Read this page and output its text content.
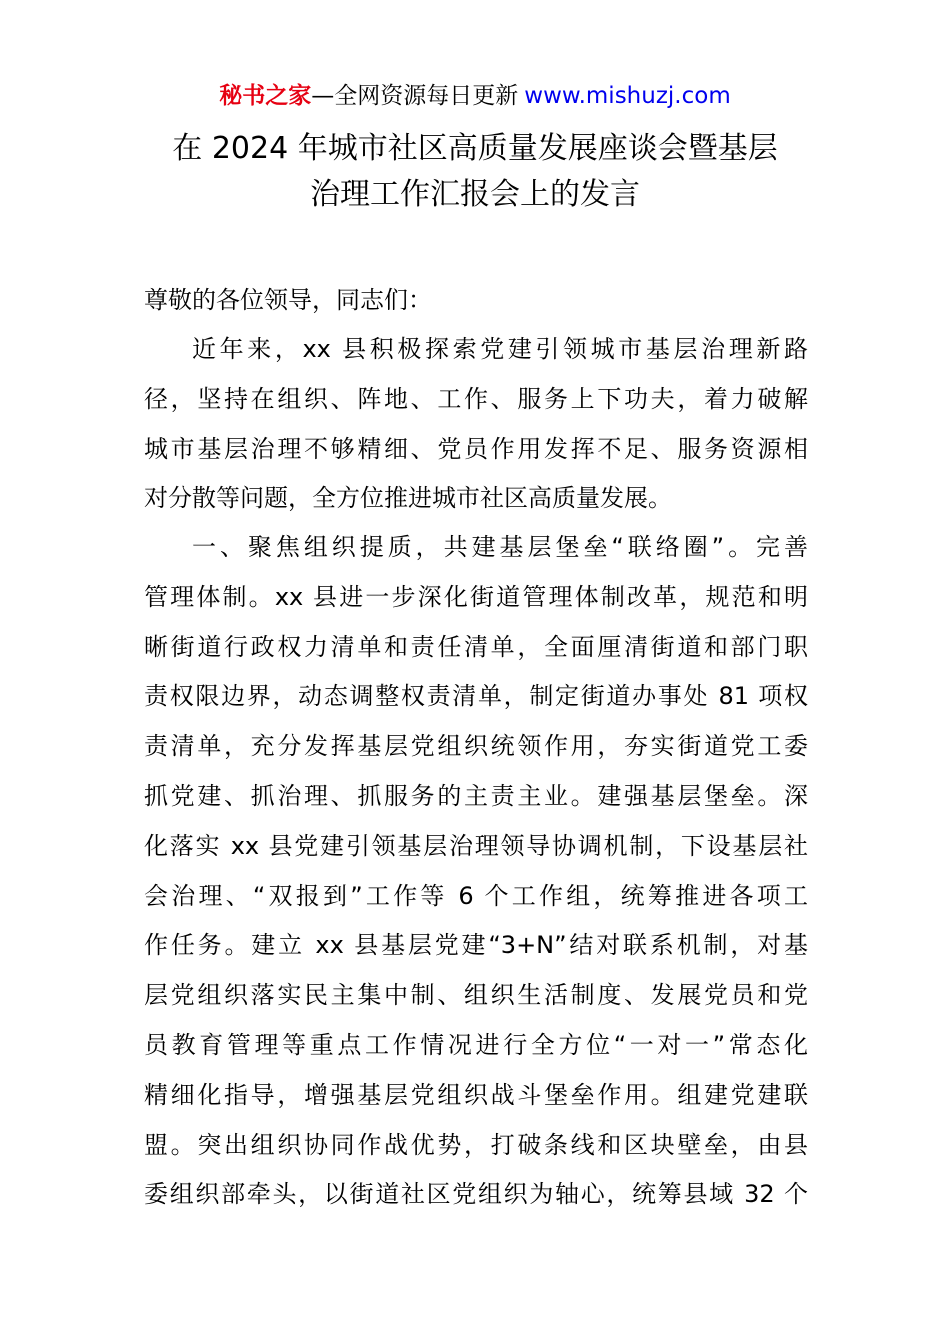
秘书之家—全网资源每日更新 www.mishuzj.com
在 2024 年城市社区高质量发展座谈会暨基层
治理工作汇报会上的发言
尊敬的各位领导，同志们：
近年来，xx 县积极探索党建引领城市基层治理新路
径，坚持在组织、阵地、工作、服务上下功夫，着力破解
城市基层治理不够精细、党员作用发挥不足、服务资源相
对分散等问题，全方位推进城市社区高质量发展。
一、聚焦组织提质，共建基层堡垒“联络圈”。完善
管理体制。xx 县进一步深化街道管理体制改革，规范和明
晰街道行政权力清单和责任清单，全面厘清街道和部门职
责权限边界，动态调整权责清单，制定街道办事处 81 项权
责清单，充分发挥基层党组织统领作用，夯实街道党工委
抓党建、抓治理、抓服务的主责主业。建强基层堡垒。深
化落实 xx 县党建引领基层治理领导协调机制，下设基层社
会治理、“双报到”工作等 6 个工作组，统筹推进各项工
作任务。建立 xx 县基层党建“3+N”结对联系机制，对基
层党组织落实民主集中制、组织生活制度、发展党员和党
员教育管理等重点工作情况进行全方位“一对一”常态化
精细化指导，增强基层党组织战斗堡垒作用。组建党建联
盟。突出组织协同作战优势，打破条线和区块壁垒，由县
委组织部牵头，以街道社区党组织为轴心，统筹县域 32 个
